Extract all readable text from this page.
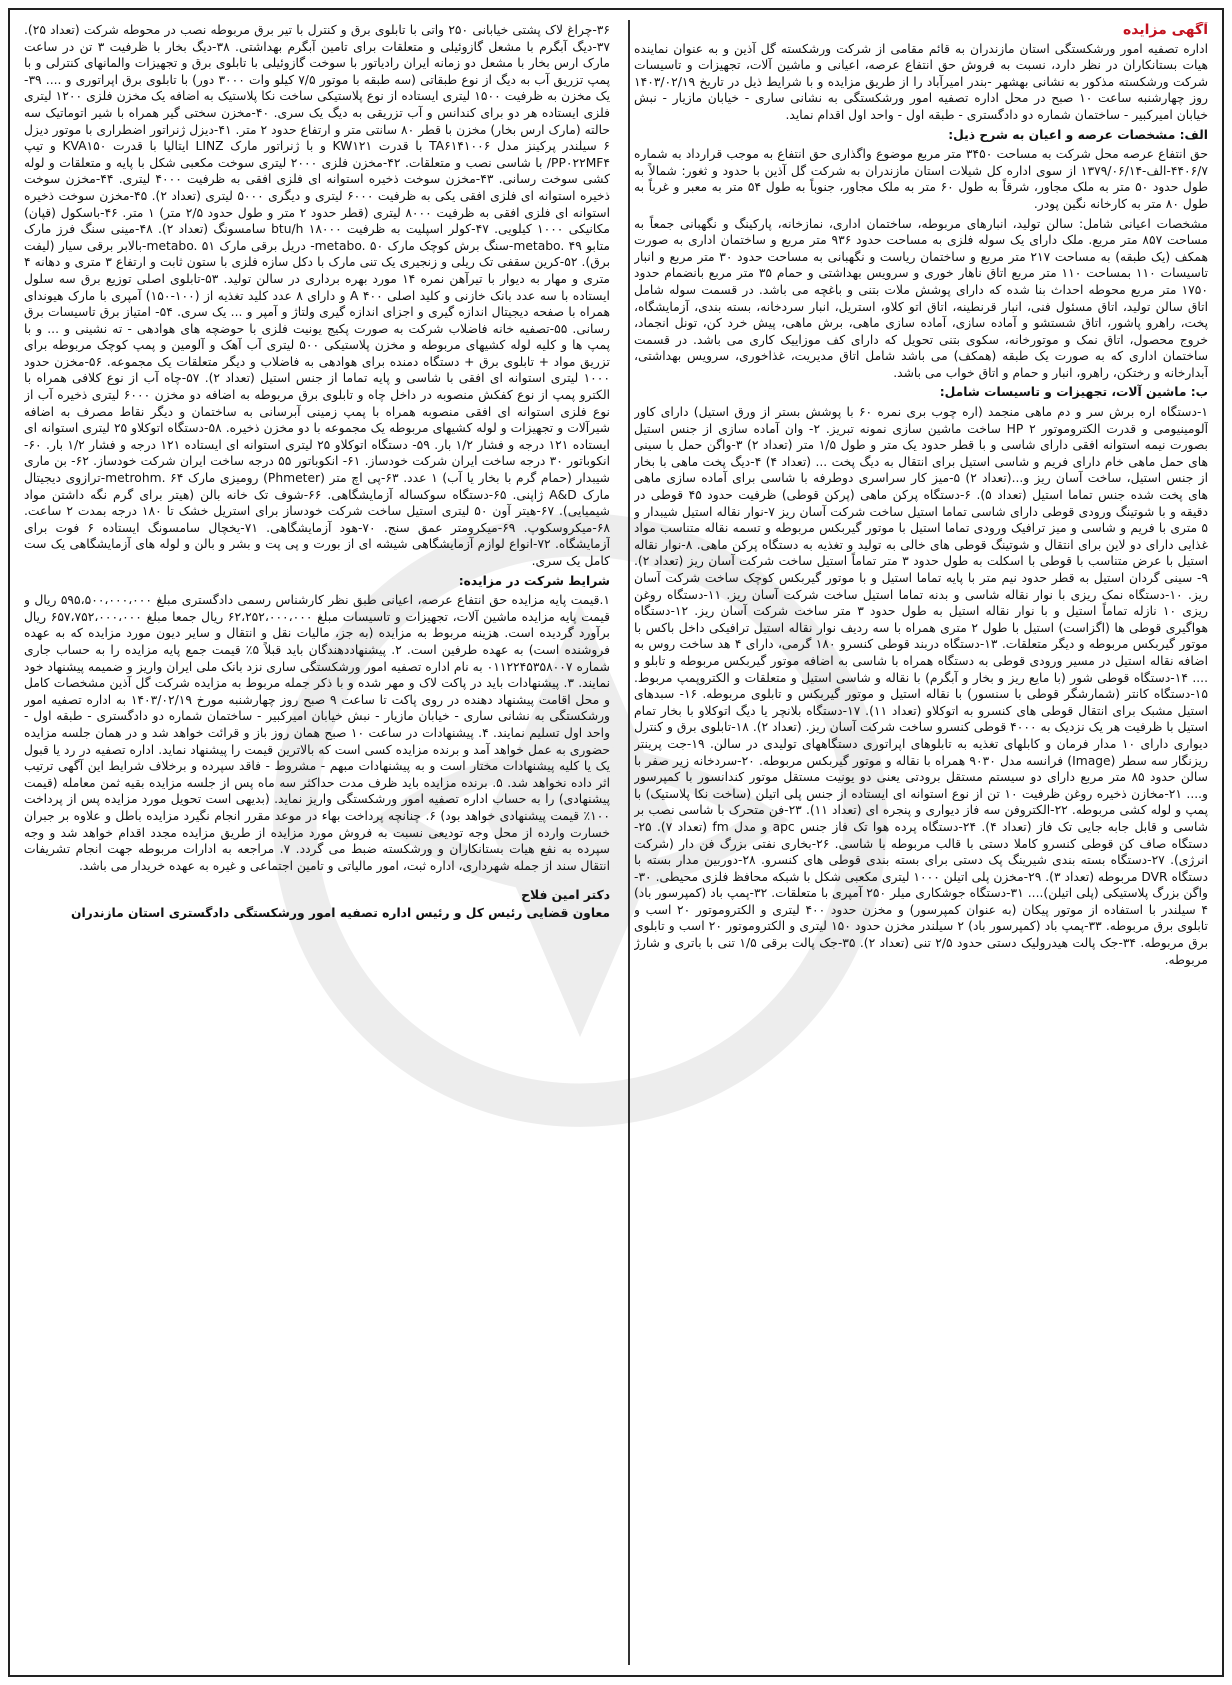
آگهی مزایده

اداره تصفیه امور ورشکستگی استان مازندران به قائم مقامی از شرکت ورشکسته گل آذین و به عنوان نماینده هیات بستانکاران در نظر دارد، نسبت به فروش حق انتفاع عرصه، اعیانی و ماشین آلات، تجهیزات و تاسیسات شرکت ورشکسته مذکور به نشانی بهشهر -بندر امیرآباد را از طریق مزایده و با شرایط ذیل در تاریخ ۱۴۰۳/۰۲/۱۹ روز چهارشنبه ساعت ۱۰ صبح در محل اداره تصفیه امور ورشکستگی به نشانی ساری - خیابان مازیار - نبش خیابان امیرکبیر - ساختمان شماره دو دادگستری - طبقه اول - واحد اول اقدام نماید.

الف: مشخصات عرصه و اعیان به شرح ذیل:

حق انتفاع عرصه محل شرکت به مساحت ۳۴۵۰ متر مربع موضوع واگذاری حق انتفاع به موجب قرارداد به شماره ۴۴۰۶/۷-الف-۱۳۷۹/۰۶/۱۴ از سوی اداره کل شیلات استان مازندران به شرکت گل آذین با حدود و ثغور: شمالاً به طول حدود ۵۰ متر به ملک مجاور، شرقاً به طول ۶۰ متر به ملک مجاور، جنوباً به طول ۵۴ متر به معبر و غرباً به طول ۸۰ متر به کارخانه نگین پودر.

مشخصات اعیانی شامل: سالن تولید، انبارهای مربوطه، ساختمان اداری، نمازخانه، پارکینگ و نگهبانی جمعاً به مساحت ۸۵۷ متر مربع. ملک دارای یک سوله فلزی به مساحت حدود ۹۳۶ متر مربع و ساختمان اداری به صورت همکف (یک طبقه) به مساحت ۲۱۷ متر مربع و ساختمان ریاست و نگهبانی به مساحت حدود ۳۰ متر مربع و انبار تاسیسات ۱۱۰ بمساحت ۱۱۰ متر مربع اتاق ناهار خوری و سرویس بهداشتی و حمام ۳۵ متر مربع بانضمام حدود ۱۷۵۰ متر مربع محوطه احداث بنا شده که دارای پوشش ملات بتنی و باغچه می باشد. در قسمت سوله شامل اتاق سالن تولید، اتاق مسئول فنی، انبار قرنطینه، اتاق اتو کلاو، استریل، انبار سردخانه، بسته بندی، آزمایشگاه، پخت، راهرو پاشور، اتاق شستشو و آماده سازی، آماده سازی ماهی، برش ماهی، پیش خرد کن، تونل انجماد، خروج محصول، اتاق نمک و موتورخانه، سکوی بتنی تحویل که دارای کف موزاییک کاری می باشد. در قسمت ساختمان اداری که به صورت یک طبقه (همکف) می باشد شامل اتاق مدیریت، غذاخوری، سرویس بهداشتی، آبدارخانه و رختکن، راهرو، انبار و حمام و اتاق خواب می باشد.

ب: ماشین آلات، تجهیزات و تاسیسات شامل:

۱-دستگاه اره برش سر و دم ماهی منجمد (اره چوب بری نمره ۶۰ با پوشش بستر از ورق استیل) دارای کاور آلومینیومی و قدرت الکتروموتور HP ۲ ساخت ماشین سازی نمونه تبریز. ۲- وان آماده سازی از جنس استیل بصورت نیمه استوانه افقی دارای شاسی و با قطر حدود یک متر و طول ۱/۵ متر (تعداد ۲) ۳-واگن حمل با سینی های حمل ماهی خام دارای فریم و شاسی استیل برای انتقال به دیگ پخت ... (تعداد ۴) ۴-دیگ پخت ماهی با بخار از جنس استیل، ساخت آسان ریز و...(تعداد ۲) ۵-میز کار سراسری دوطرفه با شاسی برای آماده سازی ماهی های پخت شده جنس تماما استیل (تعداد ۵). ۶-دستگاه پرکن ماهی (پرکن قوطی) ظرفیت حدود ۴۵ قوطی در دقیقه و با شوتینگ ورودی قوطی دارای شاسی تماما استیل ساخت شرکت آسان ریز ۷-نوار نقاله استیل شیبدار و ۵ متری با فریم و شاسی و میز ترافیک ورودی تماما استیل با موتور گیربکس مربوطه و تسمه نقاله متناسب مواد غذایی دارای دو لاین برای انتقال و شوتینگ قوطی های خالی به تولید و تغذیه به دستگاه پرکن ماهی. ۸-نوار نقاله استیل با عرض متناسب با قوطی با اسکلت به طول حدود ۳ متر تماماً استیل ساخت شرکت آسان ریز (تعداد ۲). ۹- سینی گردان استیل به قطر حدود نیم متر با پایه تماما استیل و با موتور گیربکس کوچک ساخت شرکت آسان ریز. ۱۰-دستگاه نمک ریزی با نوار نقاله شاسی و بدنه تماما استیل ساخت شرکت آسان ریز. ۱۱-دستگاه روغن ریزی ۱۰ نازله تماماً استیل و با نوار نقاله استیل به طول حدود ۳ متر ساخت شرکت آسان ریز. ۱۲-دستگاه هواگیری قوطی ها (اگزاست) استیل با طول ۲ متری همراه با سه ردیف نوار نقاله استیل ترافیکی داخل باکس با موتور گیربکس مربوطه و دیگر متعلقات. ۱۳-دستگاه دربند قوطی کنسرو ۱۸۰ گرمی، دارای ۴ هد ساخت روس به اضافه نقاله استیل در مسیر ورودی قوطی به دستگاه همراه با شاسی به اضافه موتور گیربکس مربوطه و تابلو و .... ۱۴-دستگاه قوطی شور (با مایع ریز و بخار و آبگرم) با نقاله و شاسی استیل و متعلقات و الکتروپمپ مربوط. ۱۵-دستگاه کانتر (شمارشگر قوطی با سنسور) با نقاله استیل و موتور گیربکس و تابلوی مربوطه. ۱۶- سبدهای استیل مشبک برای انتقال قوطی های کنسرو به اتوکلاو (تعداد ۱۱). ۱۷-دستگاه بلانچر یا دیگ اتوکلاو با بخار تمام استیل با ظرفیت هر یک نزدیک به ۴۰۰۰ قوطی کنسرو ساخت شرکت آسان ریز. (تعداد ۲). ۱۸-تابلوی برق و کنترل دیواری دارای ۱۰ مدار فرمان و کابلهای تغذیه به تابلوهای اپراتوری دستگاههای تولیدی در سالن. ۱۹-جت پرینتر ریزنگار سه سطر (Image) فرانسه مدل ۹۰۳۰ همراه با نقاله و موتور گیربکس مربوطه. ۲۰-سردخانه زیر صفر با سالن حدود ۸۵ متر مربع دارای دو سیستم مستقل برودتی یعنی دو یونیت مستقل موتور کندانسور با کمپرسور و.... ۲۱-مخازن ذخیره روغن ظرفیت ۱۰ تن از نوع استوانه ای ایستاده از جنس پلی اتیلن (ساخت نکا پلاستیک) با پمپ و لوله کشی مربوطه. ۲۲-الکتروفن سه فاز دیواری و پنجره ای (تعداد ۱۱). ۲۳-فن متحرک با شاسی نصب بر شاسی و قابل جابه جایی تک فاز (تعداد ۴). ۲۴-دستگاه پرده هوا تک فاز جنس apc و مدل fm (تعداد ۷). ۲۵-دستگاه صاف کن قوطی کنسرو کاملا دستی با قالب مربوطه با شاسی. ۲۶-بخاری نفتی بزرگ فن دار (شرکت انرژی). ۲۷-دستگاه بسته بندی شیرینگ پک دستی برای بسته بندی قوطی های کنسرو. ۲۸-دوربین مدار بسته با دستگاه DVR مربوطه (تعداد ۳). ۲۹-مخزن پلی اتیلن ۱۰۰۰ لیتری مکعبی شکل با شبکه محافظ فلزی محیطی. ۳۰-واگن بزرگ پلاستیکی (پلی اتیلن).... ۳۱-دستگاه جوشکاری میلر ۲۵۰ آمپری با متعلقات. ۳۲-پمپ باد (کمپرسور باد) ۴ سیلندر با استفاده از موتور پیکان (به عنوان کمپرسور) و مخزن حدود ۴۰۰ لیتری و الکتروموتور ۲۰ اسب و تابلوی برق مربوطه. ۳۳-پمپ باد (کمپرسور باد) ۲ سیلندر مخزن حدود ۱۵۰ لیتری و الکتروموتور ۲۰ اسب و تابلوی برق مربوطه. ۳۴-جک پالت هیدرولیک دستی حدود ۲/۵ تنی (تعداد ۲). ۳۵-جک پالت برقی ۱/۵ تنی با باتری و شارژ مربوطه.

۳۶-چراغ لاک پشتی خیابانی ۲۵۰ واتی با تابلوی برق و کنترل با تیر برق مربوطه نصب در محوطه شرکت (تعداد ۲۵). ۳۷-دیگ آبگرم با مشعل گازوئیلی و متعلقات برای تامین آبگرم بهداشتی. ۳۸-دیگ بخار با ظرفیت ۳ تن در ساعت مارک ارس بخار با مشعل دو زمانه ایران رادیاتور با سوخت گازوئیلی با تابلوی برق و تجهیزات والمانهای کنترلی و با پمپ تزریق آب به دیگ از نوع طبقاتی (سه طبقه با موتور ۷/۵ کیلو وات ۳۰۰۰ دور) با تابلوی برق اپراتوری و .... ۳۹-یک مخزن به ظرفیت ۱۵۰۰ لیتری ایستاده از نوع پلاستیکی ساخت نکا پلاستیک به اضافه یک مخزن فلزی ۱۲۰۰ لیتری فلزی ایستاده هر دو برای کندانس و آب تزریقی به دیگ یک سری. ۴۰-مخزن سختی گیر همراه با شیر اتوماتیک سه حالته (مارک ارس بخار) مخزن با قطر ۸۰ سانتی متر و ارتفاع حدود ۲ متر. ۴۱-دیزل ژنراتور اضطراری با موتور دیزل ۶ سیلندر پرکینز مدل TA۶۱۴۱۰۰۶ با قدرت KW۱۲۱ و با ژنراتور مارک LINZ ایتالیا با قدرت KVA۱۵۰ و تیپ PP۰۲۲MF۴/ با شاسی نصب و متعلقات. ۴۲-مخزن فلزی ۲۰۰۰ لیتری سوخت مکعبی شکل با پایه و متعلقات و لوله کشی سوخت رسانی. ۴۳-مخزن سوخت ذخیره استوانه ای فلزی افقی به ظرفیت ۴۰۰۰ لیتری. ۴۴-مخزن سوخت ذخیره استوانه ای فلزی افقی یکی به ظرفیت ۶۰۰۰ لیتری و دیگری ۵۰۰۰ لیتری (تعداد ۲). ۴۵-مخزن سوخت ذخیره استوانه ای فلزی افقی به ظرفیت ۸۰۰۰ لیتری (قطر حدود ۲ متر و طول حدود ۲/۵ متر) ۱ متر. ۴۶-باسکول (قپان) مکانیکی ۱۰۰۰ کیلویی. ۴۷-کولر اسپلیت به ظرفیت btu/h ۱۸۰۰۰ سامسونگ (تعداد ۲). ۴۸-مینی سنگ فرز مارک متابو metabo. ۴۹-سنگ برش کوچک مارک metabo. ۵۰- دریل برقی مارک metabo. ۵۱-بالابر برقی سیار (لیفت برق). ۵۲-کرین سقفی تک ریلی و زنجیری یک تنی مارک با دکل سازه فلزی با ستون ثابت و ارتفاع ۳ متری و دهانه ۴ متری و مهار به دیوار با تیرآهن نمره ۱۴ مورد بهره برداری در سالن تولید. ۵۳-تابلوی اصلی توزیع برق سه سلول ایستاده با سه عدد بانک خازنی و کلید اصلی ۴۰۰ A و دارای ۸ عدد کلید تغذیه از (۱۰۰-۱۵۰) آمپری با مارک هیوندای همراه با صفحه دیجیتال اندازه گیری و اجزای اندازه گیری ولتاژ و آمپر و ... یک سری. ۵۴- امتیاز برق تاسیسات برق رسانی. ۵۵-تصفیه خانه فاضلاب شرکت به صورت پکیج یونیت فلزی با حوضچه های هوادهی - ته نشینی و ... و با پمپ ها و کلیه لوله کشیهای مربوطه و مخزن پلاستیکی ۵۰۰ لیتری آب آهک و آلومین و پمپ کوچک مربوطه برای تزریق مواد + تابلوی برق + دستگاه دمنده برای هوادهی به فاضلاب و دیگر متعلقات یک مجموعه. ۵۶-مخزن حدود ۱۰۰۰ لیتری استوانه ای افقی با شاسی و پایه تماما از جنس استیل (تعداد ۲). ۵۷-چاه آب از نوع کلافی همراه با الکترو پمپ از نوع کفکش منصوبه در داخل چاه و تابلوی برق مربوطه به اضافه دو مخزن ۶۰۰۰ لیتری ذخیره آب از نوع فلزی استوانه ای افقی منصوبه همراه با پمپ زمینی آبرسانی به ساختمان و دیگر نقاط مصرف به اضافه شیرآلات و تجهیزات و لوله کشیهای مربوطه یک مجموعه با دو مخزن ذخیره. ۵۸-دستگاه اتوکلاو ۲۵ لیتری استوانه ای ایستاده ۱۲۱ درجه و فشار ۱/۲ بار. ۵۹- دستگاه اتوکلاو ۲۵ لیتری استوانه ای ایستاده ۱۲۱ درجه و فشار ۱/۲ بار. ۶۰-انکوباتور ۳۰ درجه ساخت ایران شرکت خودساز. ۶۱- انکوباتور ۵۵ درجه ساخت ایران شرکت خودساز. ۶۲- بن ماری شیبدار (حمام گرم با بخار یا آب) ۱ عدد. ۶۳-پی اچ متر (Phmeter) رومیزی مارک metrohm. ۶۴-ترازوی دیجیتال مارک A&D ژاپنی. ۶۵-دستگاه سوکساله آزمایشگاهی. ۶۶-شوف تک خانه بالن (هیتر برای گرم نگه داشتن مواد شیمیایی). ۶۷-هیتر آون ۵۰ لیتری استیل ساخت شرکت خودساز برای استریل خشک تا ۱۸۰ درجه بمدت ۲ ساعت. ۶۸-میکروسکوپ. ۶۹-میکرومتر عمق سنج. ۷۰-هود آزمایشگاهی. ۷۱-یخچال سامسونگ ایستاده ۶ فوت برای آزمایشگاه. ۷۲-انواع لوازم آزمایشگاهی شیشه ای از بورت و پی پت و بشر و بالن و لوله های آزمایشگاهی یک ست کامل یک سری.

شرایط شرکت در مزایده:

۱.قیمت پایه مزایده حق انتفاع عرصه، اعیانی طبق نظر کارشناس رسمی دادگستری مبلغ ۵۹۵،۵۰۰،۰۰۰،۰۰۰ ریال و قیمت پایه مزایده ماشین آلات، تجهیزات و تاسیسات مبلغ ۶۲،۲۵۲،۰۰۰،۰۰۰ ریال جمعا مبلغ ۶۵۷،۷۵۲،۰۰۰،۰۰۰ ریال برآورد گردیده است. هزینه مربوط به مزایده (به جز، مالیات نقل و انتقال و سایر دیون مورد مزایده که به عهده فروشنده است) به عهده طرفین است. ۲. پیشنهاددهندگان باید قبلاً ۵٪ قیمت جمع پایه مزایده را به حساب جاری شماره ۰۱۱۲۲۴۵۳۵۸۰۰۷ به نام اداره تصفیه امور ورشکستگی ساری نزد بانک ملی ایران واریز و ضمیمه پیشنهاد خود نمایند. ۳. پیشنهادات باید در پاکت لاک و مهر شده و با ذکر جمله مربوط به مزایده شرکت گل آذین مشخصات کامل و محل اقامت پیشنهاد دهنده در روی پاکت تا ساعت ۹ صبح روز چهارشنبه مورخ ۱۴۰۳/۰۲/۱۹ به اداره تصفیه امور ورشکستگی به نشانی ساری - خیابان مازیار - نبش خیابان امیرکبیر - ساختمان شماره دو دادگستری - طبقه اول - واحد اول تسلیم نمایند. ۴. پیشنهادات در ساعت ۱۰ صبح همان روز باز و قرائت خواهد شد و در همان جلسه مزایده حضوری به عمل خواهد آمد و برنده مزایده کسی است که بالاترین قیمت را پیشنهاد نماید. اداره تصفیه در رد یا قبول یک یا کلیه پیشنهادات مختار است و به پیشنهادات مبهم - مشروط - فاقد سپرده و برخلاف شرایط این آگهی ترتیب اثر داده نخواهد شد. ۵. برنده مزایده باید ظرف مدت حداکثر سه ماه پس از جلسه مزایده بقیه ثمن معامله (قیمت پیشنهادی) را به حساب اداره تصفیه امور ورشکستگی واریز نماید. (بدیهی است تحویل مورد مزایده پس از پرداخت ۱۰۰٪ قیمت پیشنهادی خواهد بود) ۶. چنانچه پرداخت بهاء در موعد مقرر انجام نگیرد مزایده باطل و علاوه بر جبران خسارت وارده از محل وجه تودیعی نسبت به فروش مورد مزایده از طریق مزایده مجدد اقدام خواهد شد و وجه سپرده به نفع هیات بستانکاران و ورشکسته ضبط می گردد. ۷. مراجعه به ادارات مربوطه جهت انجام تشریفات انتقال سند از جمله شهرداری، اداره ثبت، امور مالیاتی و تامین اجتماعی و غیره به عهده خریدار می باشد.

دکتر امین فلاح
معاون قضایی رئیس کل و رئیس اداره تصفیه امور ورشکستگی دادگستری استان مازندران
